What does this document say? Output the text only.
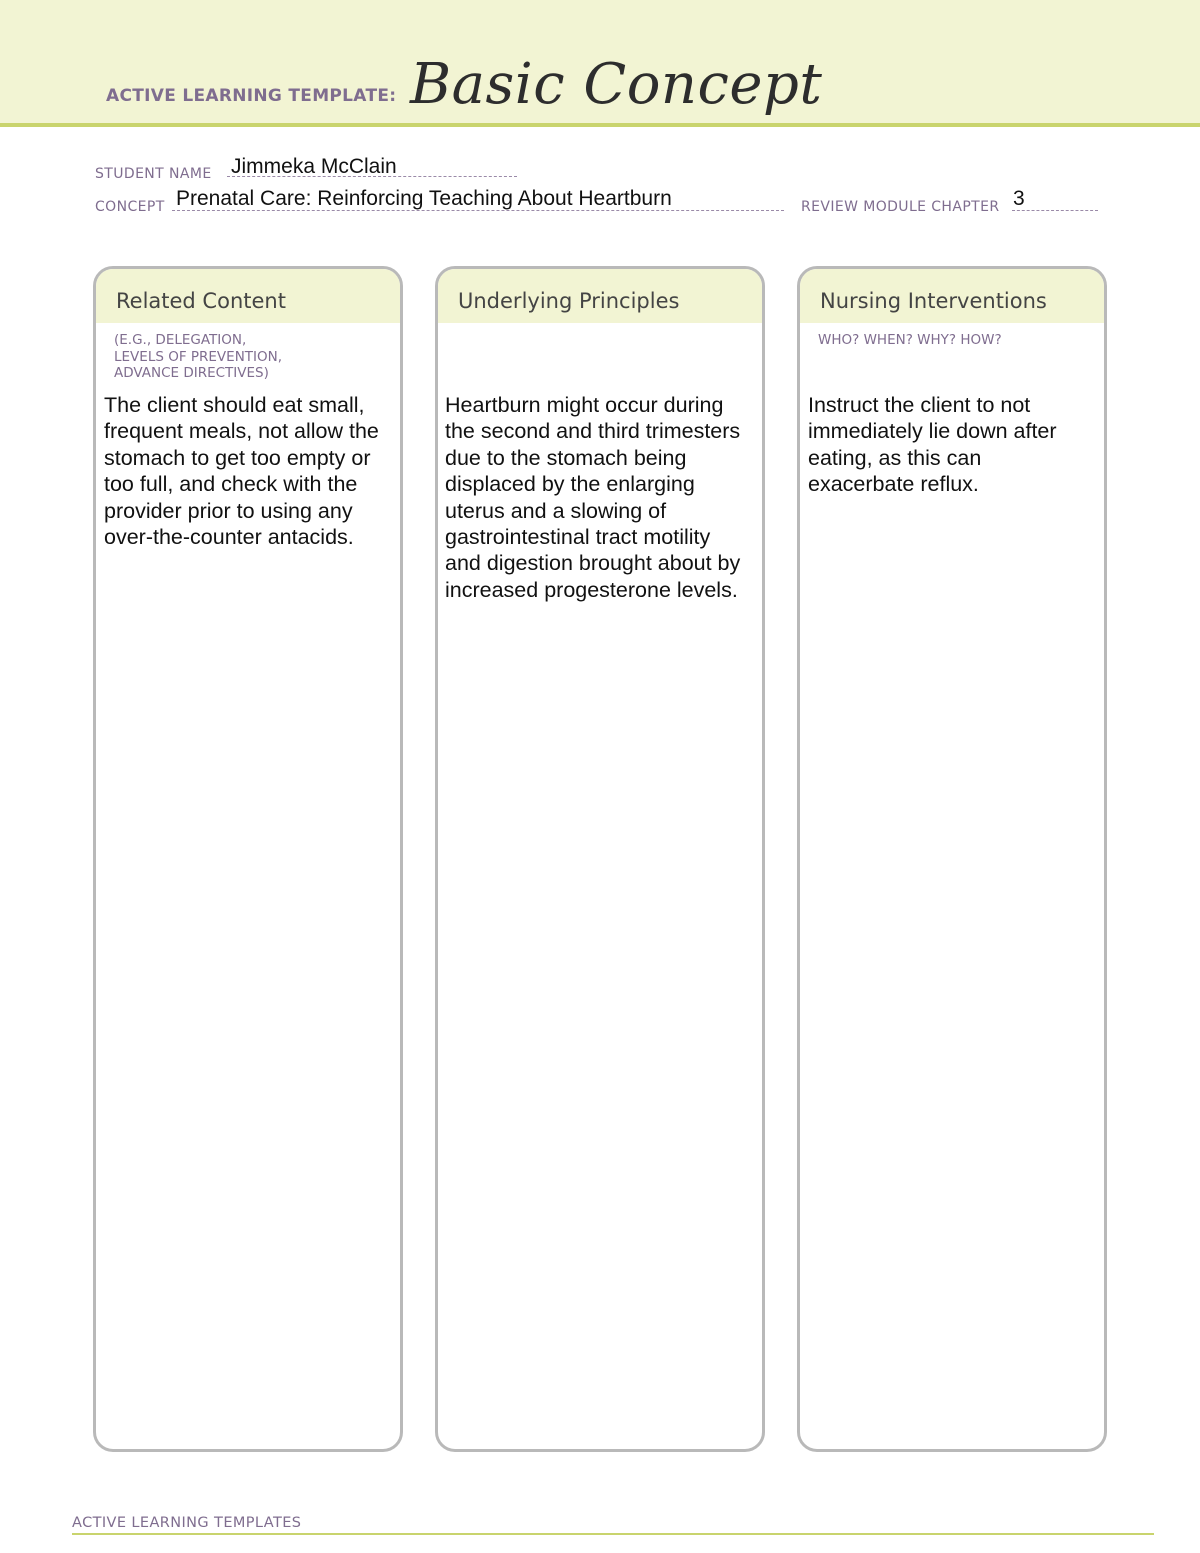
ACTIVE LEARNING TEMPLATE: Basic Concept
STUDENT NAME Jimmeka McClain
CONCEPT Prenatal Care: Reinforcing Teaching About Heartburn	REVIEW MODULE CHAPTER 3
Related Content
(E.G., DELEGATION,
LEVELS OF PREVENTION,
ADVANCE DIRECTIVES)
The client should eat small, frequent meals, not allow the stomach to get too empty or too full, and check with the provider prior to using any over-the-counter antacids.
Underlying Principles
Heartburn might occur during the second and third trimesters due to the stomach being displaced by the enlarging uterus and a slowing of gastrointestinal tract motility and digestion brought about by increased progesterone levels.
Nursing Interventions
WHO? WHEN? WHY? HOW?
Instruct the client to not immediately lie down after eating, as this can exacerbate reflux.
ACTIVE LEARNING TEMPLATES
